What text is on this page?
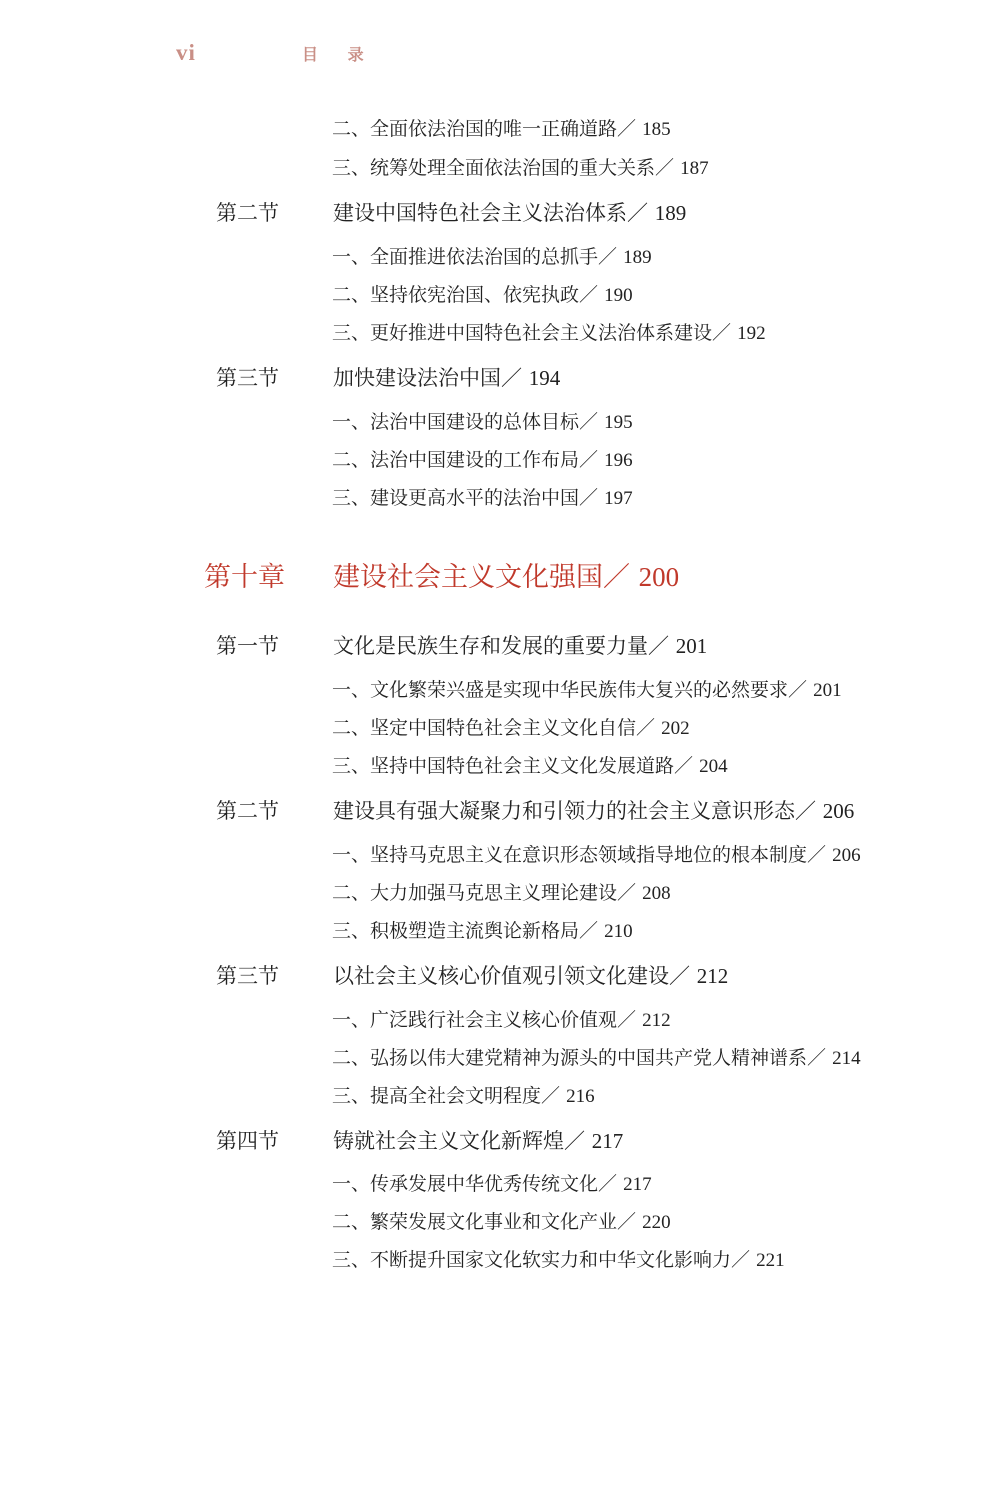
vi	目 录
二、全面依法治国的唯一正确道路／ 185
三、统筹处理全面依法治国的重大关系／ 187
第二节	建设中国特色社会主义法治体系／ 189
一、全面推进依法治国的总抓手／ 189
二、坚持依宪治国、依宪执政／ 190
三、更好推进中国特色社会主义法治体系建设／ 192
第三节	加快建设法治中国／ 194
一、法治中国建设的总体目标／ 195
二、法治中国建设的工作布局／ 196
三、建设更高水平的法治中国／ 197
第十章 建设社会主义文化强国／ 200
第一节	文化是民族生存和发展的重要力量／ 201
一、文化繁荣兴盛是实现中华民族伟大复兴的必然要求／ 201
二、坚定中国特色社会主义文化自信／ 202
三、坚持中国特色社会主义文化发展道路／ 204
第二节	建设具有强大凝聚力和引领力的社会主义意识形态／ 206
一、坚持马克思主义在意识形态领域指导地位的根本制度／ 206
二、大力加强马克思主义理论建设／ 208
三、积极塑造主流舆论新格局／ 210
第三节	以社会主义核心价值观引领文化建设／ 212
一、广泛践行社会主义核心价值观／ 212
二、弘扬以伟大建党精神为源头的中国共产党人精神谱系／ 214
三、提高全社会文明程度／ 216
第四节	铸就社会主义文化新辉煌／ 217
一、传承发展中华优秀传统文化／ 217
二、繁荣发展文化事业和文化产业／ 220
三、不断提升国家文化软实力和中华文化影响力／ 221
